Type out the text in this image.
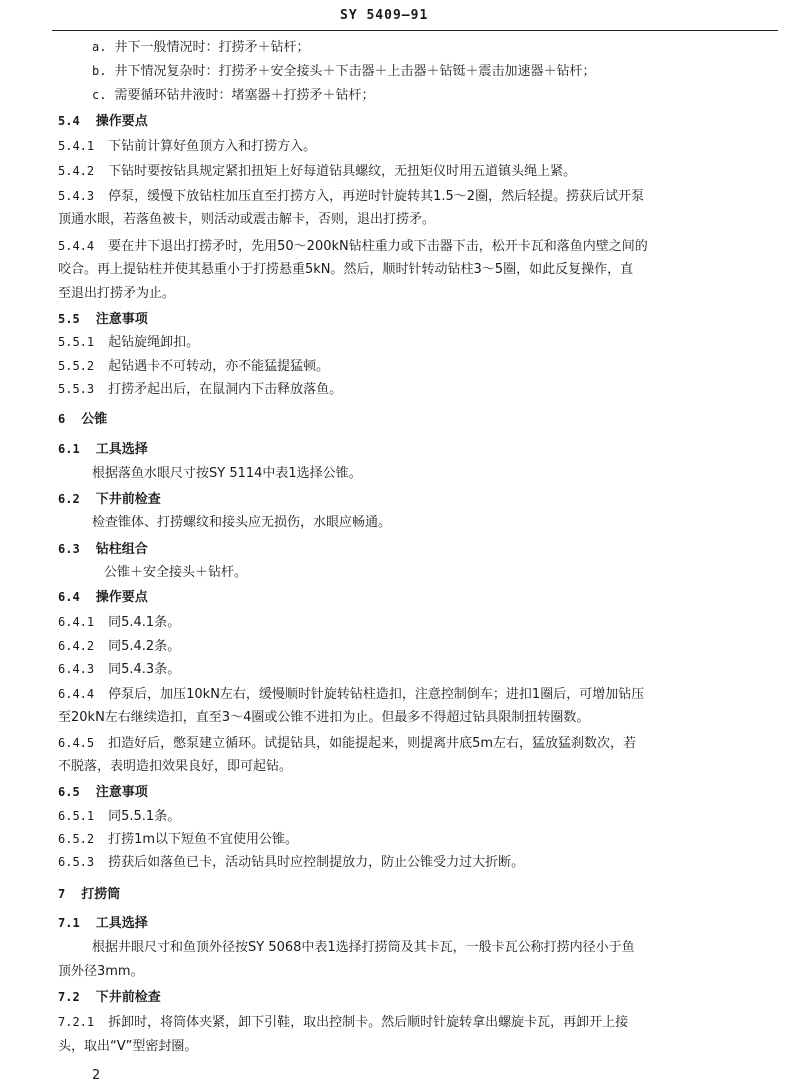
SY 5409—91
a. 井下一般情况时：打捞矛＋钻杆；
b. 井下情况复杂时：打捞矛＋安全接头＋下击器＋上击器＋钻铤＋震击加速器＋钻杆；
c. 需要循环钻井液时：堵塞器＋打捞矛＋钻杆；
5.4 操作要点
5.4.1 下钻前计算好鱼顶方入和打捞方入。
5.4.2 下钻时要按钻具规定紧扣扭矩上好每道钻具螺纹，无扭矩仪时用五道镇头绳上紧。
5.4.3 停泵，缓慢下放钻柱加压直至打捞方入，再逆时针旋转其1.5～2圈，然后轻提。捞获后试开泵
顶通水眼，若落鱼被卡，则活动或震击解卡，否则，退出打捞矛。
5.4.4 要在井下退出打捞矛时，先用50～200kN钻柱重力或下击器下击，松开卡瓦和落鱼内壁之间的
咬合。再上提钻柱并使其悬重小于打捞悬重5kN。然后，顺时针转动钻柱3～5圈，如此反复操作，直
至退出打捞矛为止。
5.5 注意事项
5.5.1 起钻旋绳卸扣。
5.5.2 起钻遇卡不可转动，亦不能猛提猛顿。
5.5.3 打捞矛起出后，在鼠洞内下击释放落鱼。
6 公锥
6.1 工具选择
根据落鱼水眼尺寸按SY 5114中表1选择公锥。
6.2 下井前检查
检查锥体、打捞螺纹和接头应无损伤，水眼应畅通。
6.3 钻柱组合
公锥＋安全接头＋钻杆。
6.4 操作要点
6.4.1 同5.4.1条。
6.4.2 同5.4.2条。
6.4.3 同5.4.3条。
6.4.4 停泵后，加压10kN左右，缓慢顺时针旋转钻柱造扣，注意控制倒车；进扣1圈后，可增加钻压
至20kN左右继续造扣，直至3～4圈或公锥不进扣为止。但最多不得超过钻具限制扭转圈数。
6.4.5 扣造好后，憋泵建立循环。试提钻具，如能提起来，则提离井底5m左右，猛放猛刹数次，若
不脱落，表明造扣效果良好，即可起钻。
6.5 注意事项
6.5.1 同5.5.1条。
6.5.2 打捞1m以下短鱼不宜使用公锥。
6.5.3 捞获后如落鱼已卡，活动钻具时应控制提放力，防止公锥受力过大折断。
7 打捞筒
7.1 工具选择
根据井眼尺寸和鱼顶外径按SY 5068中表1选择打捞筒及其卡瓦，一般卡瓦公称打捞内径小于鱼
顶外径3mm。
7.2 下井前检查
7.2.1 拆卸时，将筒体夹紧，卸下引鞋，取出控制卡。然后顺时针旋转拿出螺旋卡瓦，再卸开上接
头，取出“V”型密封圈。
2
